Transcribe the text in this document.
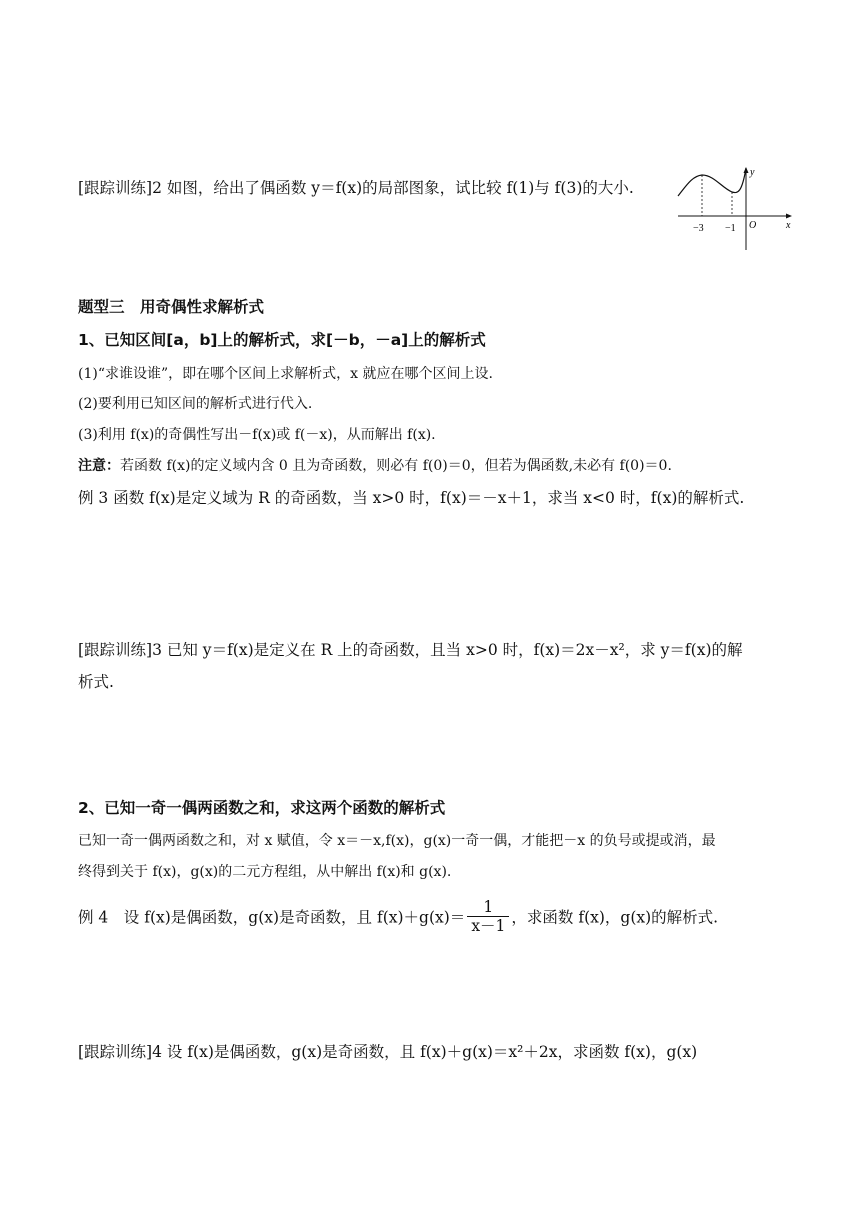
[跟踪训练]2 如图，给出了偶函数 y＝f(x)的局部图象，试比较 f(1)与 f(3)的大小.
y
x
O
−3 −1
题型三　用奇偶性求解析式
1、已知区间[a，b]上的解析式，求[－b，－a]上的解析式
(1)“求谁设谁”，即在哪个区间上求解析式，x 就应在哪个区间上设.
(2)要利用已知区间的解析式进行代入.
(3)利用 f(x)的奇偶性写出－f(x)或 f(－x)，从而解出 f(x).
注意：若函数 f(x)的定义域内含 0 且为奇函数，则必有 f(0)＝0，但若为偶函数,未必有 f(0)＝0.
例 3 函数 f(x)是定义域为 R 的奇函数，当 x>0 时，f(x)＝－x＋1，求当 x<0 时，f(x)的解析式.
[跟踪训练]3 已知 y＝f(x)是定义在 R 上的奇函数，且当 x>0 时，f(x)＝2x－x²，求 y＝f(x)的解
析式.
2、已知一奇一偶两函数之和，求这两个函数的解析式
已知一奇一偶两函数之和，对 x 赋值，令 x＝－x,f(x)，g(x)一奇一偶，才能把－x 的负号或提或消，最
终得到关于 f(x)，g(x)的二元方程组，从中解出 f(x)和 g(x).
例 4　设 f(x)是偶函数，g(x)是奇函数，且 $f(x)+g(x)= \frac{1}{x-1}$ ，求函数 f(x)，g(x)的解析式.
[跟踪训练]4 设 f(x)是偶函数，g(x)是奇函数，且 f(x)＋g(x)＝x²＋2x，求函数 f(x)，g(x)
